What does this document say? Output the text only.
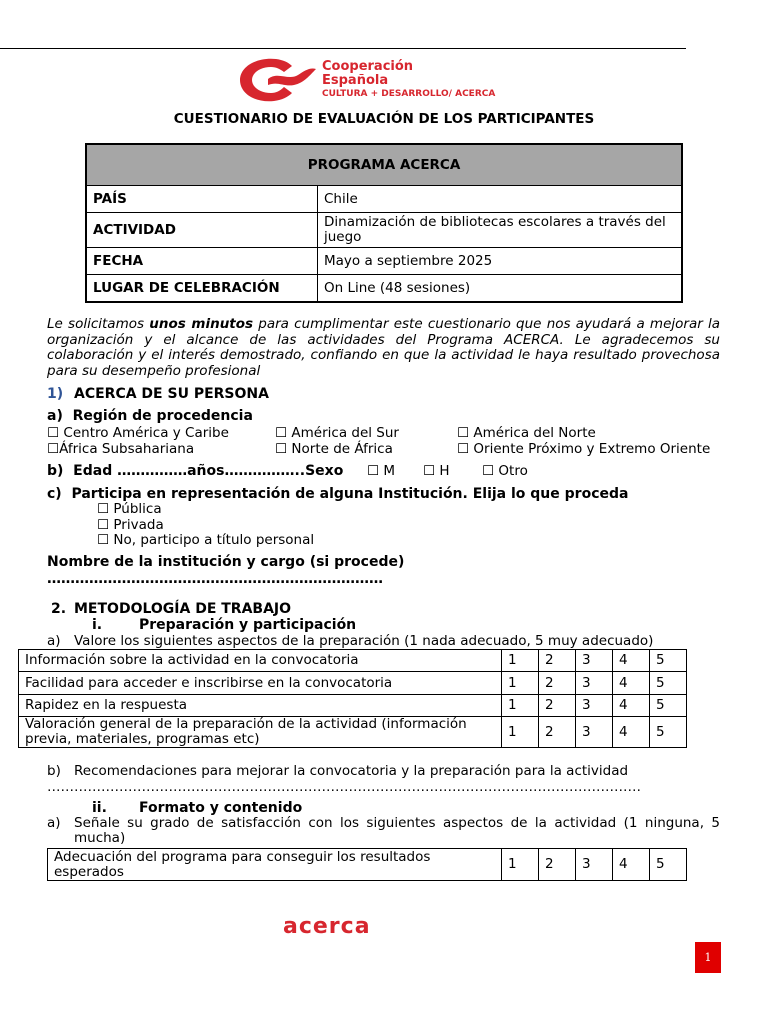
Cooperación
Española
CULTURA + DESARROLLO/ ACERCA
CUESTIONARIO DE EVALUACIÓN DE LOS PARTICIPANTES
PROGRAMA ACERCA	
PAÍS	Chile
ACTIVIDAD	Dinamización de bibliotecas escolares a través del juego
FECHA	Mayo a septiembre 2025
LUGAR DE CELEBRACIÓN	On Line (48 sesiones)
Le solicitamos unos minutos para cumplimentar este cuestionario que nos ayudará a mejorar la organización y el alcance de las actividades del Programa ACERCA. Le agradecemos su colaboración y el interés demostrado, confiando en que la actividad le haya resultado provechosa para su desempeño profesional
1) ACERCA DE SU PERSONA
a) Región de procedencia
☐ Centro América y Caribe	☐ América del Sur	☐ América del Norte
☐África Subsahariana	☐ Norte de África	☐ Oriente Próximo y Extremo Oriente
b) Edad ……………años……………..Sexo ☐ M ☐ H ☐ Otro
c) Participa en representación de alguna Institución. Elija lo que proceda
☐ Pública
☐ Privada
☐ No, participo a título personal
Nombre de la institución y cargo (si procede)
………………………………………………………………
2. METODOLOGÍA DE TRABAJO
i.	Preparación y participación
a) Valore los siguientes aspectos de la preparación (1 nada adecuado, 5 muy adecuado)
Información sobre la actividad en la convocatoria	1	2	3	4	5
Facilidad para acceder e inscribirse en la convocatoria	1	2	3	4	5
Rapidez en la respuesta	1	2	3	4	5
Valoración general de la preparación de la actividad (información previa, materiales, programas etc)	1	2	3	4	5
b) Recomendaciones para mejorar la convocatoria y la preparación para la actividad
……………………………………………………………………………………………………………………
ii. Formato y contenido
a) Señale su grado de satisfacción con los siguientes aspectos de la actividad (1 ninguna, 5 mucha)
Adecuación del programa para conseguir los resultados esperados	1	2	3	4	5
acerca
1
